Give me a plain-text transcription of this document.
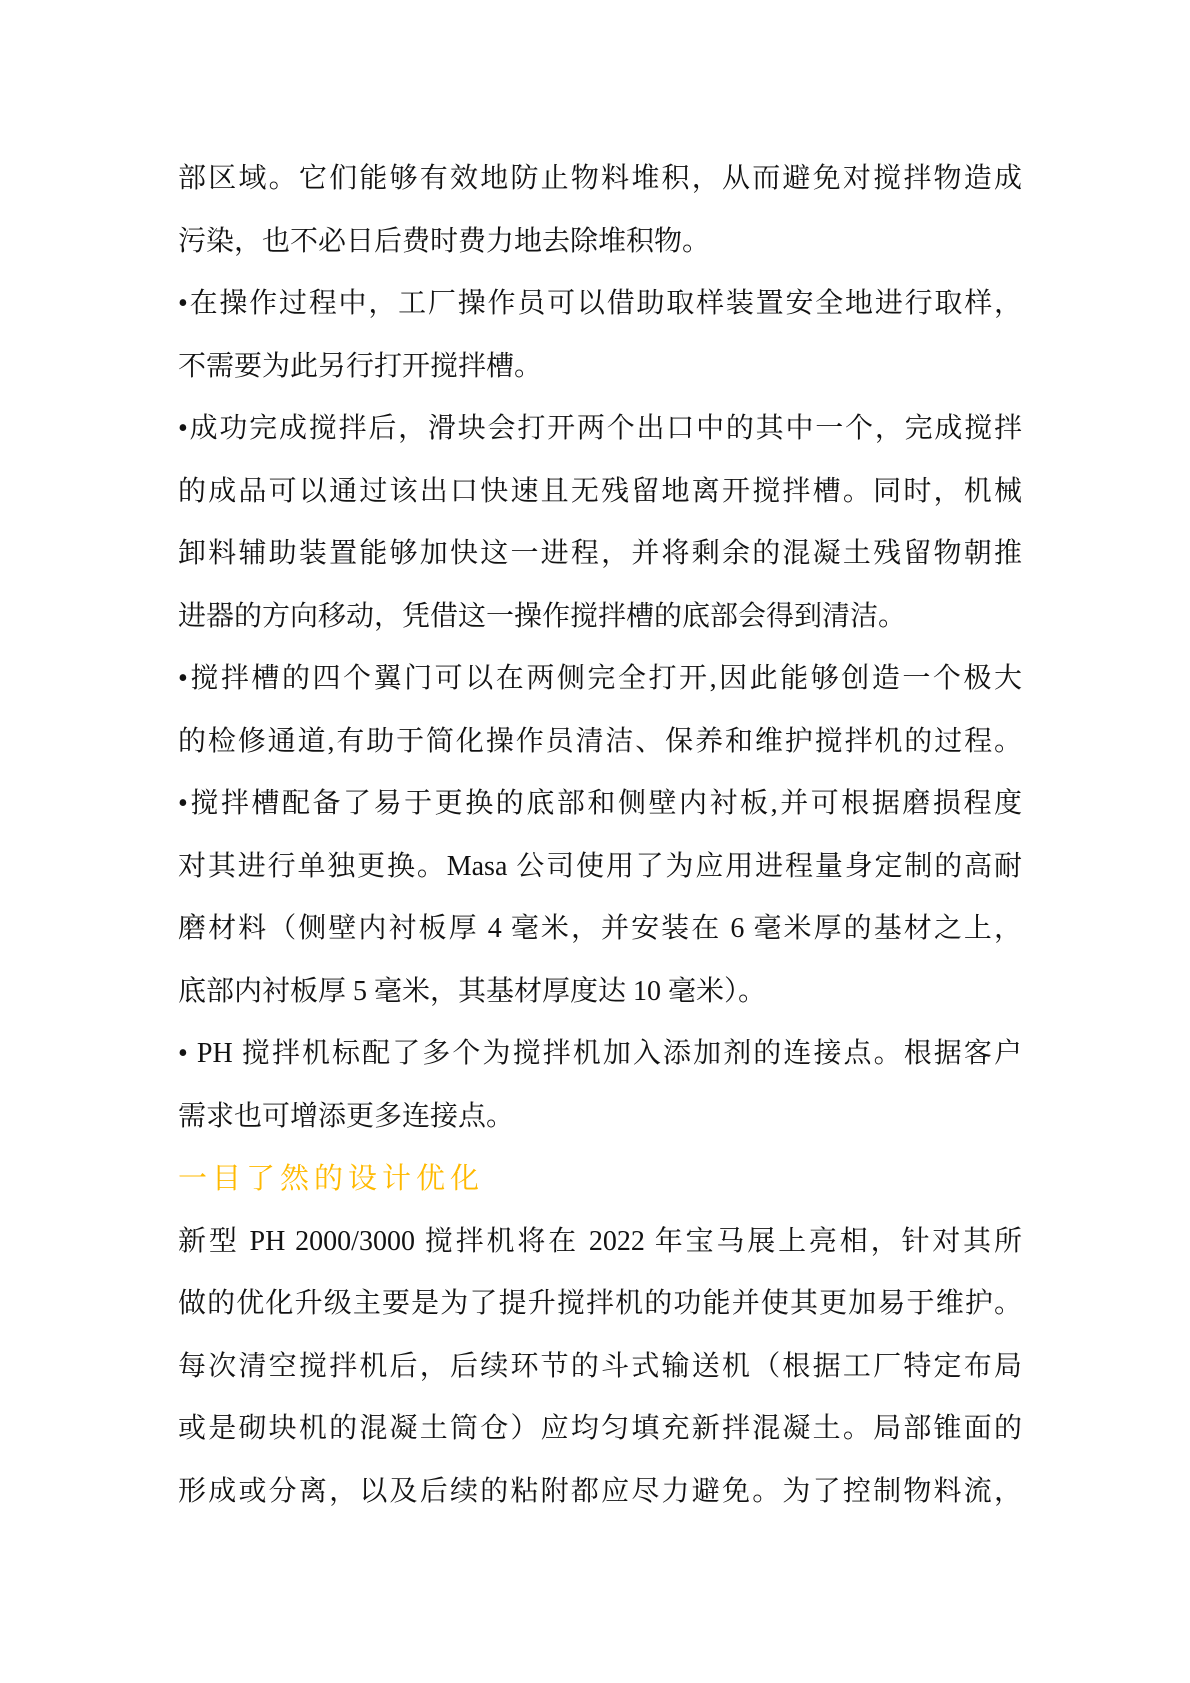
部区域。它们能够有效地防止物料堆积，从而避免对搅拌物造成
污染，也不必日后费时费力地去除堆积物。
•在操作过程中，工厂操作员可以借助取样装置安全地进行取样，
不需要为此另行打开搅拌槽。
•成功完成搅拌后，滑块会打开两个出口中的其中一个，完成搅拌
的成品可以通过该出口快速且无残留地离开搅拌槽。同时，机械
卸料辅助装置能够加快这一进程，并将剩余的混凝土残留物朝推
进器的方向移动，凭借这一操作搅拌槽的底部会得到清洁。
•搅拌槽的四个翼门可以在两侧完全打开,因此能够创造一个极大
的检修通道,有助于简化操作员清洁、保养和维护搅拌机的过程。
•搅拌槽配备了易于更换的底部和侧壁内衬板,并可根据磨损程度
对其进行单独更换。Masa 公司使用了为应用进程量身定制的高耐
磨材料（侧壁内衬板厚 4 毫米，并安装在 6 毫米厚的基材之上，
底部内衬板厚 5 毫米，其基材厚度达 10 毫米）。
• PH 搅拌机标配了多个为搅拌机加入添加剂的连接点。根据客户
需求也可增添更多连接点。
一目了然的设计优化
新型 PH 2000/3000 搅拌机将在 2022 年宝马展上亮相，针对其所
做的优化升级主要是为了提升搅拌机的功能并使其更加易于维护。
每次清空搅拌机后，后续环节的斗式输送机（根据工厂特定布局
或是砌块机的混凝土筒仓）应均匀填充新拌混凝土。局部锥面的
形成或分离，以及后续的粘附都应尽力避免。为了控制物料流，
